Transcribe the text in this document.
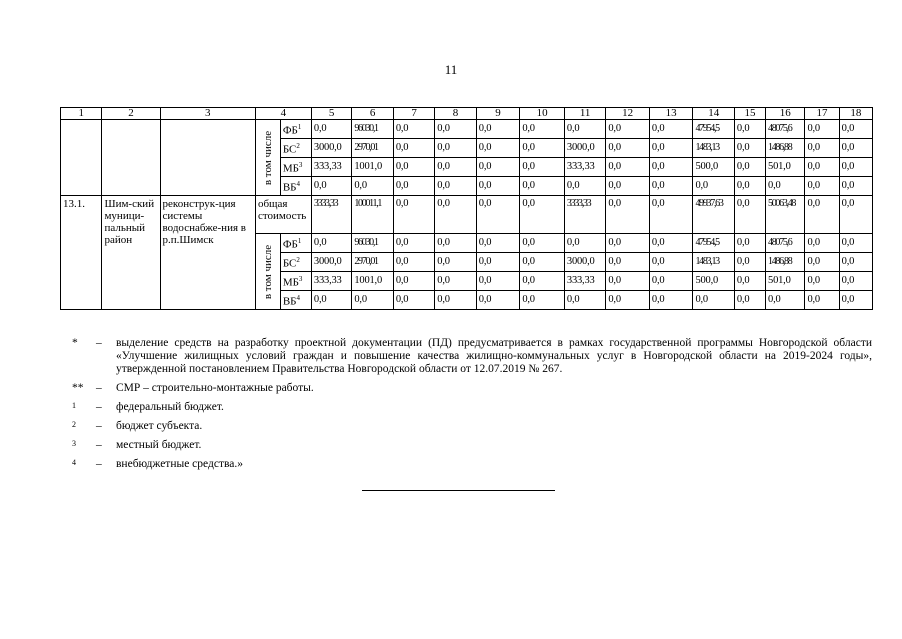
11
1	2	3	4		5	6	7	8	9	10	11	12	13	14	15	16	17	18

			в том числе	$ФБ^1$	0,0	96030,1	0,0	0,0	0,0	0,0	0,0	0,0	0,0	47954,5	0,0	48075,6	0,0	0,0
				$БС^2$	3000,0	2970,01	0,0	0,0	0,0	0,0	3000,0	0,0	0,0	1483,13	0,0	1486,88	0,0	0,0
				$МБ^3$	333,33	1001,0	0,0	0,0	0,0	0,0	333,33	0,0	0,0	500,0	0,0	501,0	0,0	0,0
				$ВБ^4$	0,0	0,0	0,0	0,0	0,0	0,0	0,0	0,0	0,0	0,0	0,0	0,0	0,0	0,0
13.1.	Шим-ский муници-пальный район	реконструк-ция системы водоснабже-ния в р.п.Шимск	общая стоимость		3333,33	100011,1	0,0	0,0	0,0	0,0	3333,33	0,0	0,0	49937,63	0,0	50063,48	0,0	0,0

			в том числе	$ФБ^1$	0,0	96030,1	0,0	0,0	0,0	0,0	0,0	0,0	0,0	47954,5	0,0	48075,6	0,0	0,0
				$БС^2$	3000,0	2970,01	0,0	0,0	0,0	0,0	3000,0	0,0	0,0	1483,13	0,0	1486,88	0,0	0,0
				$МБ^3$	333,33	1001,0	0,0	0,0	0,0	0,0	333,33	0,0	0,0	500,0	0,0	501,0	0,0	0,0
				$ВБ^4$	0,0	0,0	0,0	0,0	0,0	0,0	0,0	0,0	0,0	0,0	0,0	0,0	0,0	0,0
*	–	выделение средств на разработку проектной документации (ПД) предусматривается в рамках государственной программы Новгородской области «Улучшение жилищных условий граждан и повышение качества жилищно-коммунальных услуг в Новгородской области на 2019-2024 годы», утвержденной постановлением Правительства Новгородской области от 12.07.2019 № 267.
**	–	СМР – строительно-монтажные работы.
1	–	федеральный бюджет.
2	–	бюджет субъекта.
3	–	местный бюджет.
4	–	внебюджетные средства.»
